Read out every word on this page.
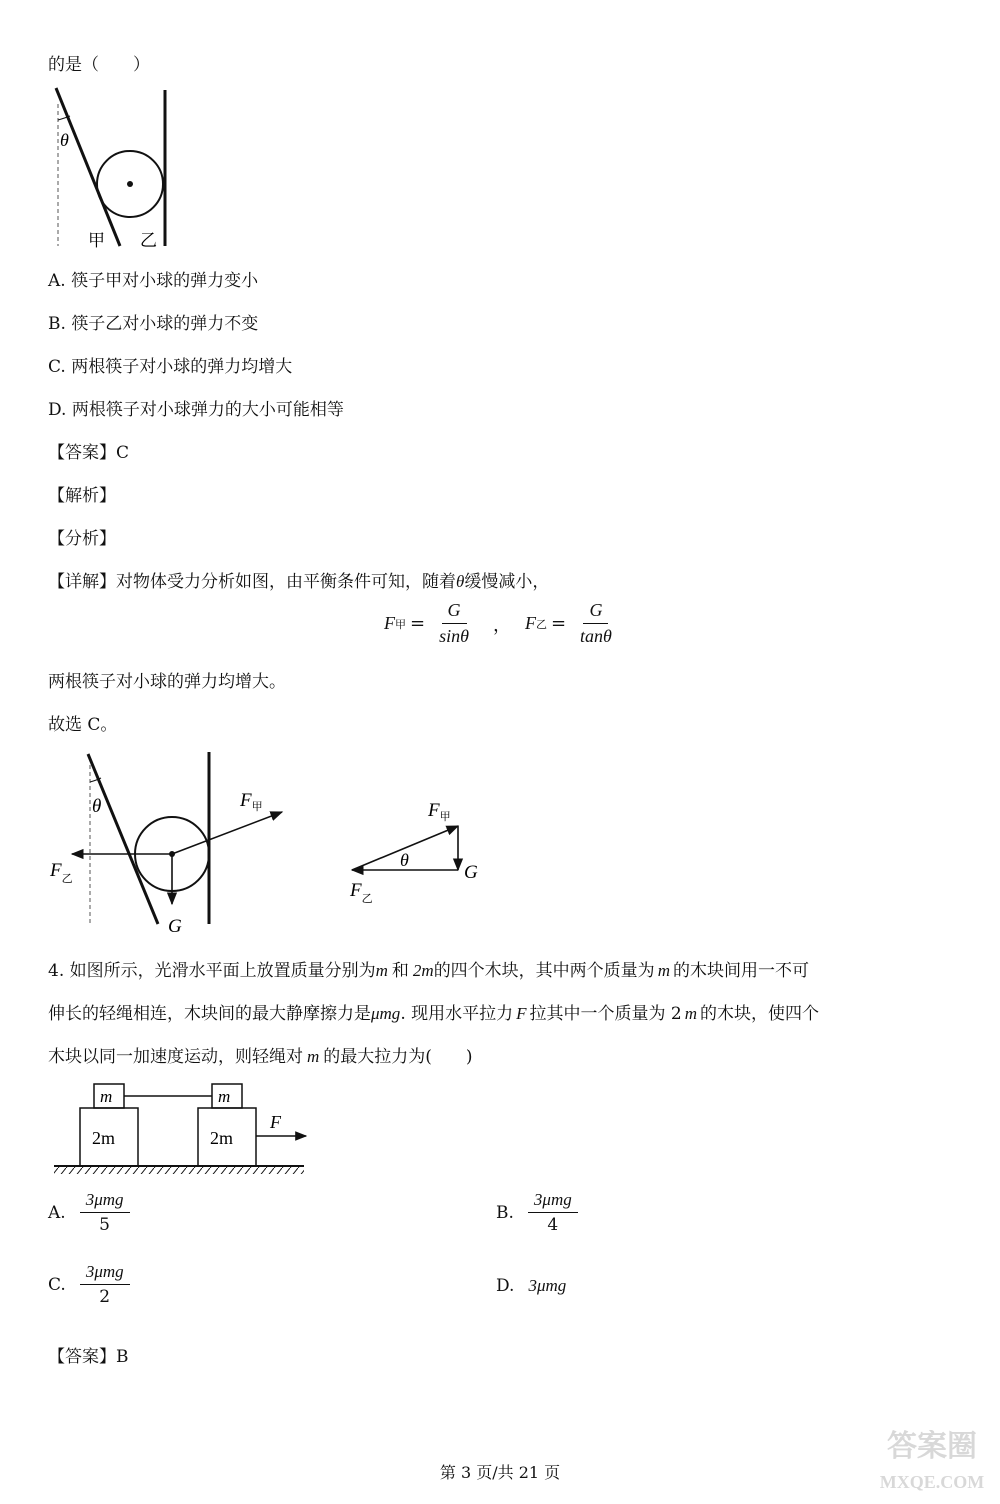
的是（　　）
θ
甲 乙
A. 筷子甲对小球的弹力变小
B. 筷子乙对小球的弹力不变
C. 两根筷子对小球的弹力均增大
D. 两根筷子对小球弹力的大小可能相等
【答案】C
【解析】
【分析】
【详解】对物体受力分析如图，由平衡条件可知，随着θ缓慢减小，
F 甲 = $\frac{G}{\sin\theta}$ ， F 乙 = $\frac{G}{\tan\theta}$
两根筷子对小球的弹力均增大。
故选 C。
θ	$F_甲$
$F_乙$
G
$F_甲$
θ
G
$F_乙$
4. 如图所示，光滑水平面上放置质量分别为m 和 2m的四个木块，其中两个质量为 m 的木块间用一不可
伸长的轻绳相连，木块间的最大静摩擦力是μmg. 现用水平拉力 F 拉其中一个质量为 2 m 的木块，使四个
木块以同一加速度运动，则轻绳对 m 的最大拉力为(　　)
m	m
2m	2m
F
A. $\frac{\text{3μmg}}{5}$	B. $\frac{\text{3μmg}}{4}$
C. $\frac{\text{3μmg}}{2}$	D. 3μmg
【答案】B
第 3 页/共 21 页
答案圈
MXQE.COM
